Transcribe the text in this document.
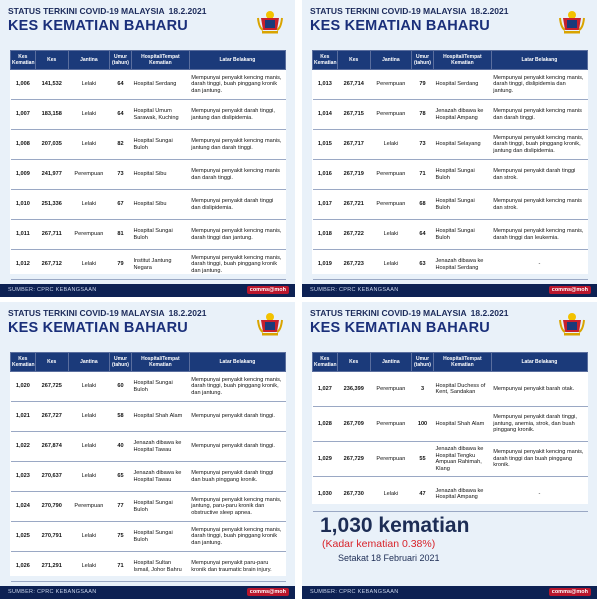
STATUS TERKINI COVID-19 MALAYSIA 18.2.2021
KES KEMATIAN BAHARU
Kes Kematian	Kes	Jantina	Umur (tahun)	Hospital/Tempat Kematian	Latar Belakang
1,006	141,532	Lelaki	64	Hospital Serdang	Mempunyai penyakit kencing manis, darah tinggi, buah pinggang kronik dan jantung.
1,007	183,158	Lelaki	64	Hospital Umum Sarawak, Kuching	Mempunyai penyakit darah tinggi, jantung dan dislipidemia.
1,008	207,035	Lelaki	82	Hospital Sungai Buloh	Mempunyai penyakit kencing manis, jantung dan darah tinggi.
1,009	241,977	Perempuan	73	Hospital Sibu	Mempunyai penyakit kencing manis dan darah tinggi.
1,010	251,336	Lelaki	67	Hospital Sibu	Mempunyai penyakit darah tinggi dan dislipidemia.
1,011	267,711	Perempuan	81	Hospital Sungai Buloh	Mempunyai penyakit kencing manis, darah tinggi dan jantung.
1,012	267,712	Lelaki	79	Institut Jantung Negara	Mempunyai penyakit kencing manis, darah tinggi, buah pinggang kronik dan jantung.
SUMBER: CPRC KEBANGSAAN	comms@moh
STATUS TERKINI COVID-19 MALAYSIA 18.2.2021
KES KEMATIAN BAHARU
Kes Kematian	Kes	Jantina	Umur (tahun)	Hospital/Tempat Kematian	Latar Belakang
1,013	267,714	Perempuan	79	Hospital Serdang	Mempunyai penyakit kencing manis, darah tinggi, dislipidemia dan jantung.
1,014	267,715	Perempuan	78	Jenazah dibawa ke Hospital Ampang	Mempunyai penyakit kencing manis dan darah tinggi.
1,015	267,717	Lelaki	73	Hospital Selayang	Mempunyai penyakit kencing manis, darah tinggi, buah pinggang kronik, jantung dan dislipidemia.
1,016	267,719	Perempuan	71	Hospital Sungai Buloh	Mempunyai penyakit darah tinggi dan strok.
1,017	267,721	Perempuan	68	Hospital Sungai Buloh	Mempunyai penyakit kencing manis dan strok.
1,018	267,722	Lelaki	64	Hospital Sungai Buloh	Mempunyai penyakit kencing manis, darah tinggi dan leukemia.
1,019	267,723	Lelaki	63	Jenazah dibawa ke Hospital Serdang	-
SUMBER: CPRC KEBANGSAAN	comms@moh
STATUS TERKINI COVID-19 MALAYSIA 18.2.2021
KES KEMATIAN BAHARU
Kes Kematian	Kes	Jantina	Umur (tahun)	Hospital/Tempat Kematian	Latar Belakang
1,020	267,725	Lelaki	60	Hospital Sungai Buloh	Mempunyai penyakit kencing manis, darah tinggi, buah pinggang kronik, dan jantung.
1,021	267,727	Lelaki	58	Hospital Shah Alam	Mempunyai penyakit darah tinggi.
1,022	267,874	Lelaki	40	Jenazah dibawa ke Hospital Tawau	Mempunyai penyakit darah tinggi.
1,023	270,637	Lelaki	65	Jenazah dibawa ke Hospital Tawau	Mempunyai penyakit darah tinggi dan buah pinggang kronik.
1,024	270,790	Perempuan	77	Hospital Sungai Buloh	Mempunyai penyakit kencing manis, jantung, paru-paru kronik dan obstructive sleep apnea.
1,025	270,791	Lelaki	75	Hospital Sungai Buloh	Mempunyai penyakit kencing manis, darah tinggi, buah pinggang kronik dan jantung.
1,026	271,291	Lelaki	71	Hospital Sultan Ismail, Johor Bahru	Mempunyai penyakit paru-paru kronik dan traumatic brain injury.
SUMBER: CPRC KEBANGSAAN	comms@moh
STATUS TERKINI COVID-19 MALAYSIA 18.2.2021
KES KEMATIAN BAHARU
Kes Kematian	Kes	Jantina	Umur (tahun)	Hospital/Tempat Kematian	Latar Belakang
1,027	236,399	Perempuan	3	Hospital Duchess of Kent, Sandakan	Mempunyai penyakit barah otak.
1,028	267,709	Perempuan	100	Hospital Shah Alam	Mempunyai penyakit darah tinggi, jantung, anemia, strok, dan buah pinggang kronik.
1,029	267,729	Perempuan	55	Jenazah dibawa ke Hospital Tengku Ampuan Rahimah, Klang	Mempunyai penyakit kencing manis, darah tinggi dan buah pinggang kronik.
1,030	267,730	Lelaki	47	Jenazah dibawa ke Hospital Ampang	-
SUMBER: CPRC KEBANGSAAN	comms@moh
1,030 kematian
(Kadar kematian 0.38%)
Setakat 18 Februari 2021
